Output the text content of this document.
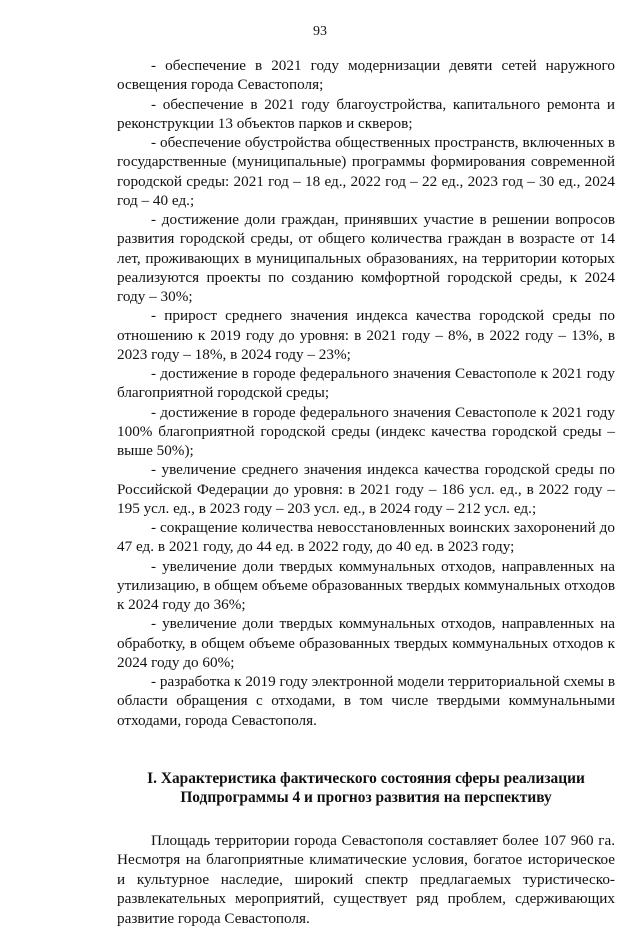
93

- обеспечение в 2021 году модернизации девяти сетей наружного освещения города Севастополя;

- обеспечение в 2021 году благоустройства, капитального ремонта и реконструкции 13 объектов парков и скверов;

- обеспечение обустройства общественных пространств, включенных в государственные (муниципальные) программы формирования современной городской среды: 2021 год – 18 ед., 2022 год – 22 ед., 2023 год – 30 ед., 2024 год – 40 ед.;

- достижение доли граждан, принявших участие в решении вопросов развития городской среды, от общего количества граждан в возрасте от 14 лет, проживающих в муниципальных образованиях, на территории которых реализуются проекты по созданию комфортной городской среды, к 2024 году – 30%;

- прирост среднего значения индекса качества городской среды по отношению к 2019 году до уровня: в 2021 году – 8%, в 2022 году – 13%, в 2023 году – 18%, в 2024 году – 23%;

- достижение в городе федерального значения Севастополе к 2021 году благоприятной городской среды;

- достижение в городе федерального значения Севастополе к 2021 году 100% благоприятной городской среды (индекс качества городской среды – выше 50%);

- увеличение среднего значения индекса качества городской среды по Российской Федерации до уровня: в 2021 году – 186 усл. ед., в 2022 году – 195 усл. ед., в 2023 году – 203 усл. ед., в 2024 году – 212 усл. ед.;

- сокращение количества невосстановленных воинских захоронений до 47 ед. в 2021 году, до 44 ед. в 2022 году, до 40 ед. в 2023 году;

- увеличение доли твердых коммунальных отходов, направленных на утилизацию, в общем объеме образованных твердых коммунальных отходов к 2024 году до 36%;

- увеличение доли твердых коммунальных отходов, направленных на обработку, в общем объеме образованных твердых коммунальных отходов к 2024 году до 60%;

- разработка к 2019 году электронной модели территориальной схемы в области обращения с отходами, в том числе твердыми коммунальными отходами, города Севастополя.

I. Характеристика фактического состояния сферы реализации
Подпрограммы 4 и прогноз развития на перспективу

Площадь территории города Севастополя составляет более 107 960 га. Несмотря на благоприятные климатические условия, богатое историческое и культурное наследие, широкий спектр предлагаемых туристическо-развлекательных мероприятий, существует ряд проблем, сдерживающих развитие города Севастополя.
